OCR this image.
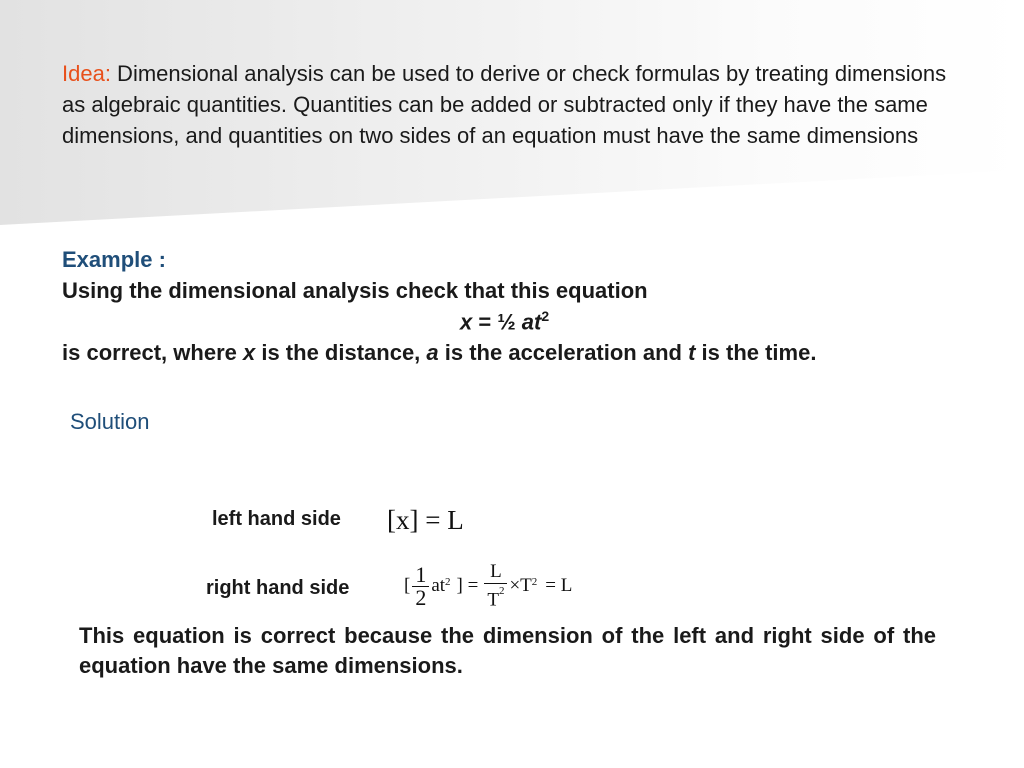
Idea: Dimensional analysis can be used to derive or check formulas by treating dimensions as algebraic quantities. Quantities can be added or subtracted only if they have the same dimensions, and quantities on two sides of an equation must have the same dimensions

Example :
Using the dimensional analysis check that this equation
x = ½ $at^2$
is correct, where x is the distance, a is the acceleration and t is the time.
Solution
left hand side [x] = L
right hand side	[ $\frac{1}{2} at^2$ ] = $\frac{L}{T^2} \times T^2 = L$

This equation is correct because the dimension of the left and right side of the equation have the same dimensions.
